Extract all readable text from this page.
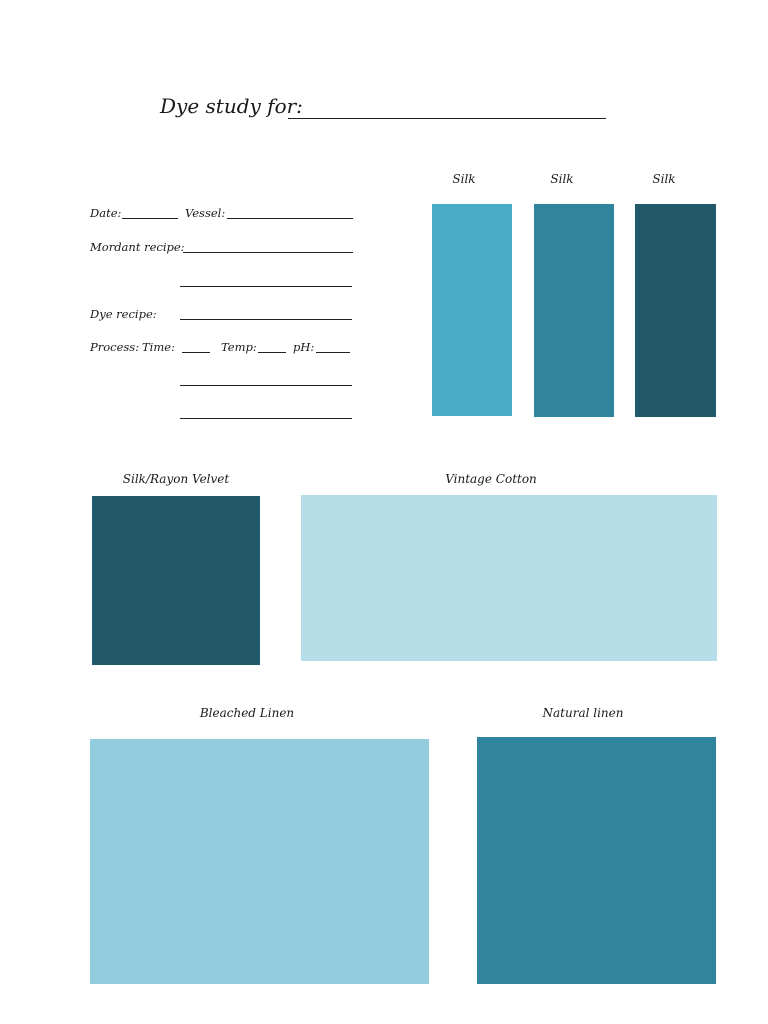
Dye study for:
Date:	Vessel:
Mordant recipe:
Dye recipe:
Process: Time:	Temp:	pH:
Silk	Silk	Silk
Silk/Rayon Velvet	Vintage Cotton
Bleached Linen	Natural linen
